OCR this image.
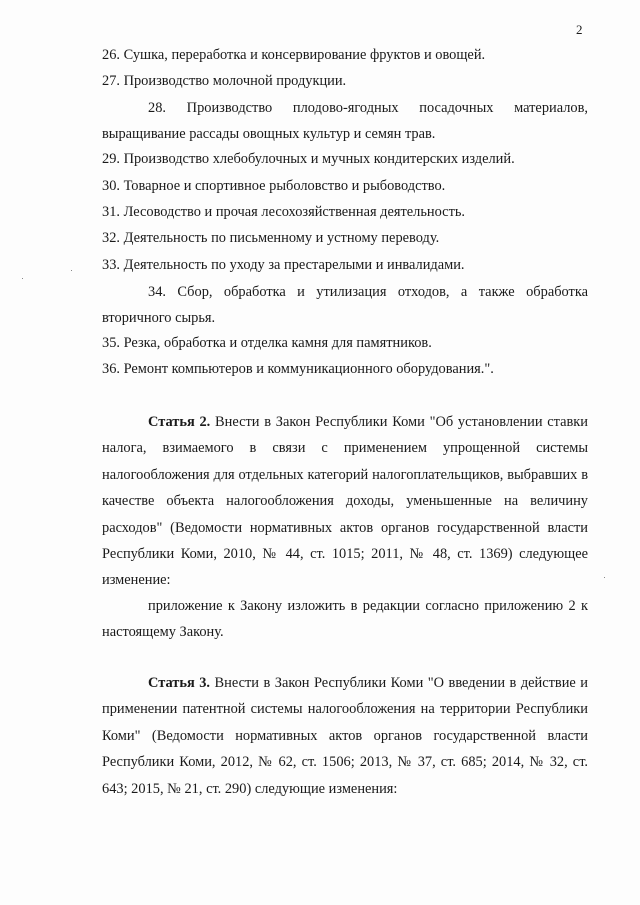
2
26. Сушка, переработка и консервирование фруктов и овощей.
27. Производство молочной продукции.
28. Производство плодово-ягодных посадочных материалов, выращивание рассады овощных культур и семян трав.
29. Производство хлебобулочных и мучных кондитерских изделий.
30. Товарное и спортивное рыболовство и рыбоводство.
31. Лесоводство и прочая лесохозяйственная деятельность.
32. Деятельность по письменному и устному переводу.
33. Деятельность по уходу за престарелыми и инвалидами.
34. Сбор, обработка и утилизация отходов, а также обработка вторичного сырья.
35. Резка, обработка и отделка камня для памятников.
36. Ремонт компьютеров и коммуникационного оборудования.".
Статья 2. Внести в Закон Республики Коми "Об установлении ставки налога, взимаемого в связи с применением упрощенной системы налогообложения для отдельных категорий налогоплательщиков, выбравших в качестве объекта налогообложения доходы, уменьшенные на величину расходов" (Ведомости нормативных актов органов государственной власти Республики Коми, 2010, № 44, ст. 1015; 2011, № 48, ст. 1369) следующее изменение:
приложение к Закону изложить в редакции согласно приложению 2 к настоящему Закону.
Статья 3. Внести в Закон Республики Коми "О введении в действие и применении патентной системы налогообложения на территории Республики Коми" (Ведомости нормативных актов органов государственной власти Республики Коми, 2012, № 62, ст. 1506; 2013, № 37, ст. 685; 2014, № 32, ст. 643; 2015, № 21, ст. 290) следующие изменения:
